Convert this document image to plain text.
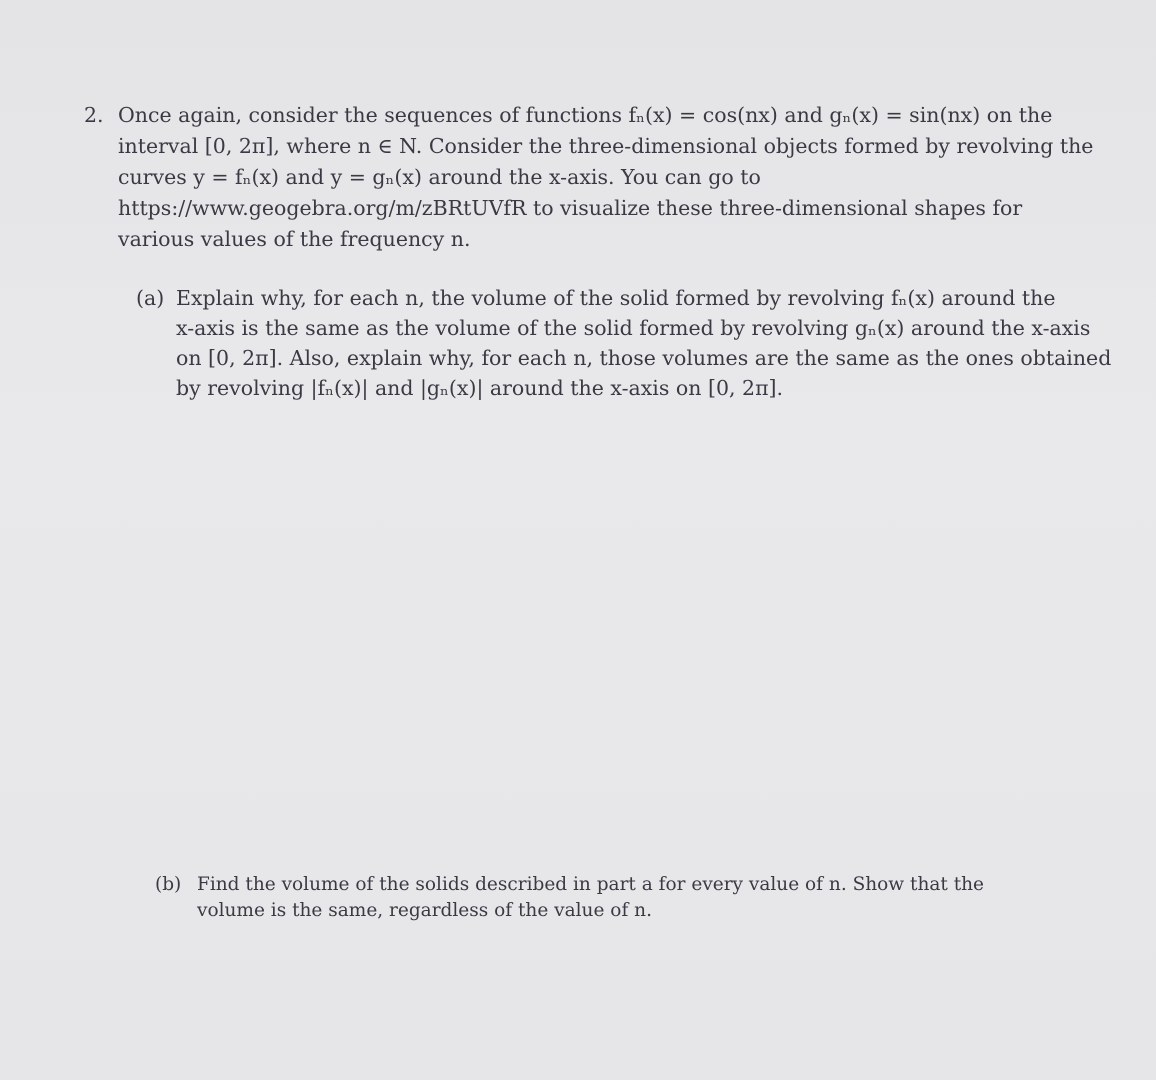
2. Once again, consider the sequences of functions fₙ(x) = cos(nx) and gₙ(x) = sin(nx) on the
interval [0, 2π], where n ∈ N. Consider the three-dimensional objects formed by revolving the
curves y = fₙ(x) and y = gₙ(x) around the x-axis. You can go to
https://www.geogebra.org/m/zBRtUVfR to visualize these three-dimensional shapes for
various values of the frequency n.
(a) Explain why, for each n, the volume of the solid formed by revolving fₙ(x) around the
x-axis is the same as the volume of the solid formed by revolving gₙ(x) around the x-axis
on [0, 2π]. Also, explain why, for each n, those volumes are the same as the ones obtained
by revolving |fₙ(x)| and |gₙ(x)| around the x-axis on [0, 2π].
(b) Find the volume of the solids described in part a for every value of n. Show that the
volume is the same, regardless of the value of n.
